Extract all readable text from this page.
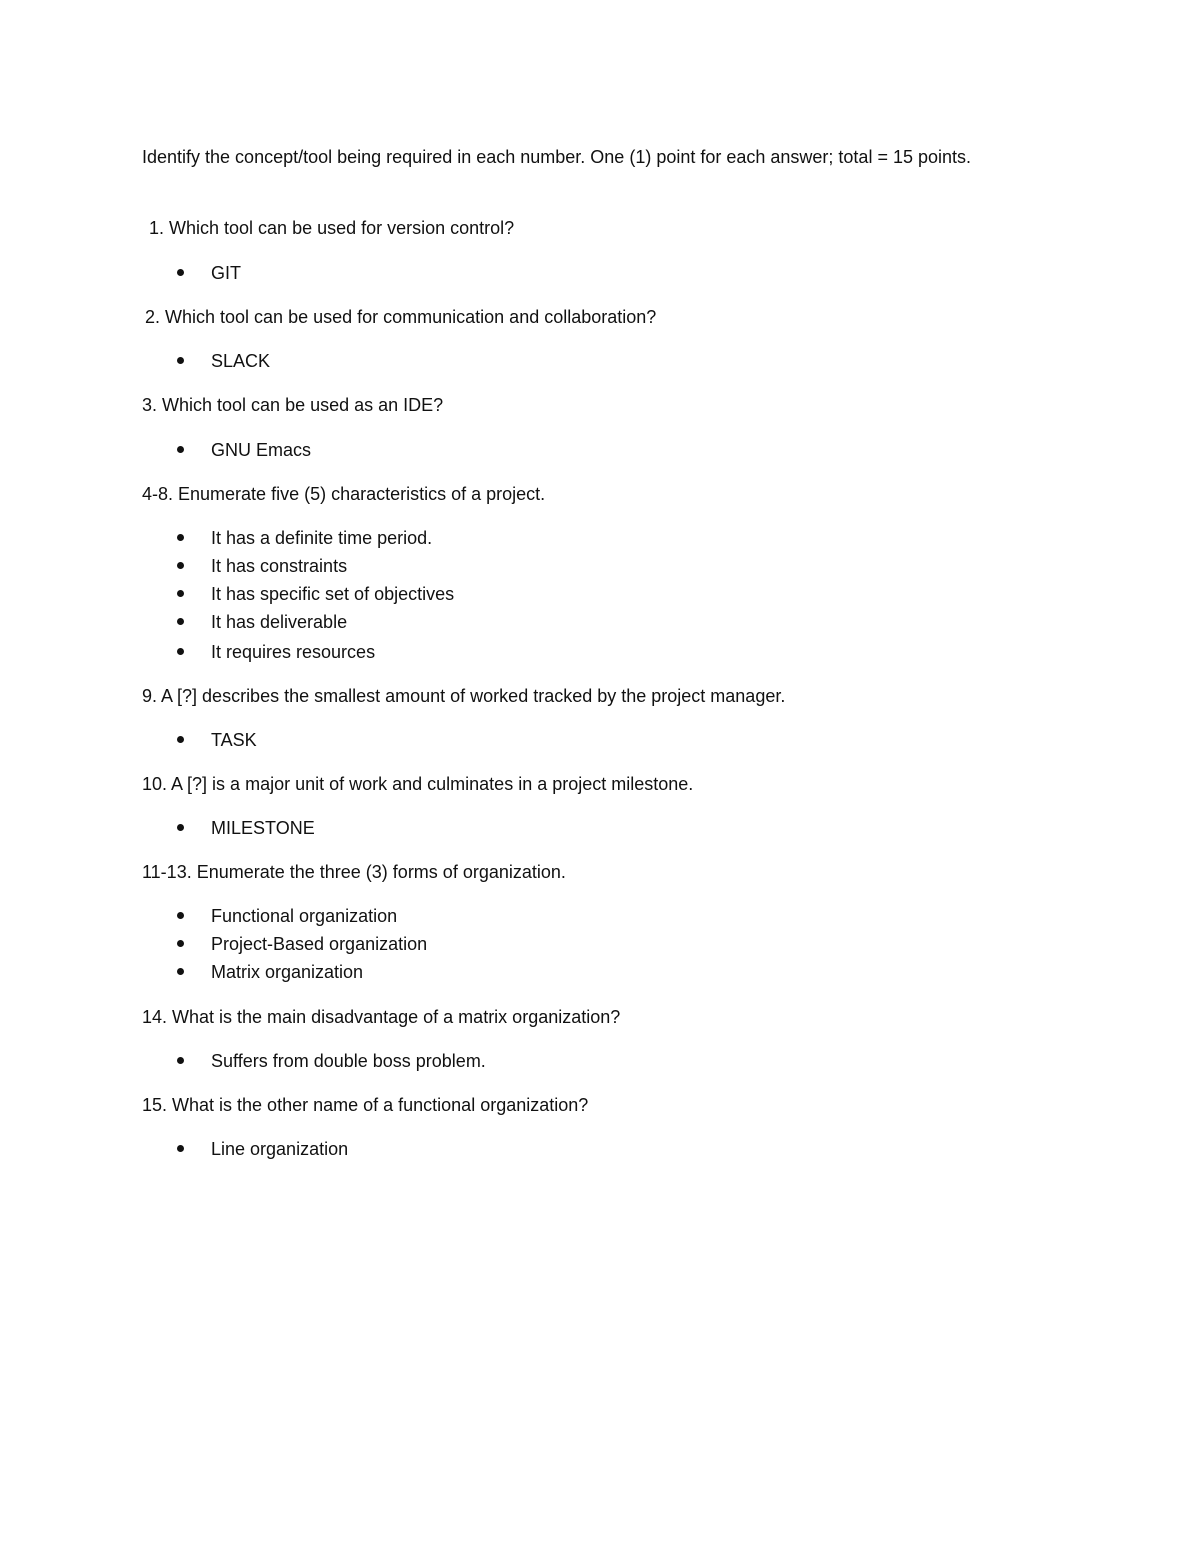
Identify the concept/tool being required in each number. One (1) point for each answer; total = 15 points.

1. Which tool can be used for version control?

GIT

2. Which tool can be used for communication and collaboration?

SLACK

3. Which tool can be used as an IDE?

GNU Emacs

4-8. Enumerate five (5) characteristics of a project.

It has a definite time period.
It has constraints
It has specific set of objectives
It has deliverable
It requires resources

9. A [?] describes the smallest amount of worked tracked by the project manager.

TASK

10. A [?] is a major unit of work and culminates in a project milestone.

MILESTONE

11-13. Enumerate the three (3) forms of organization.

Functional organization
Project-Based organization
Matrix organization

14. What is the main disadvantage of a matrix organization?

Suffers from double boss problem.

15. What is the other name of a functional organization?

Line organization
